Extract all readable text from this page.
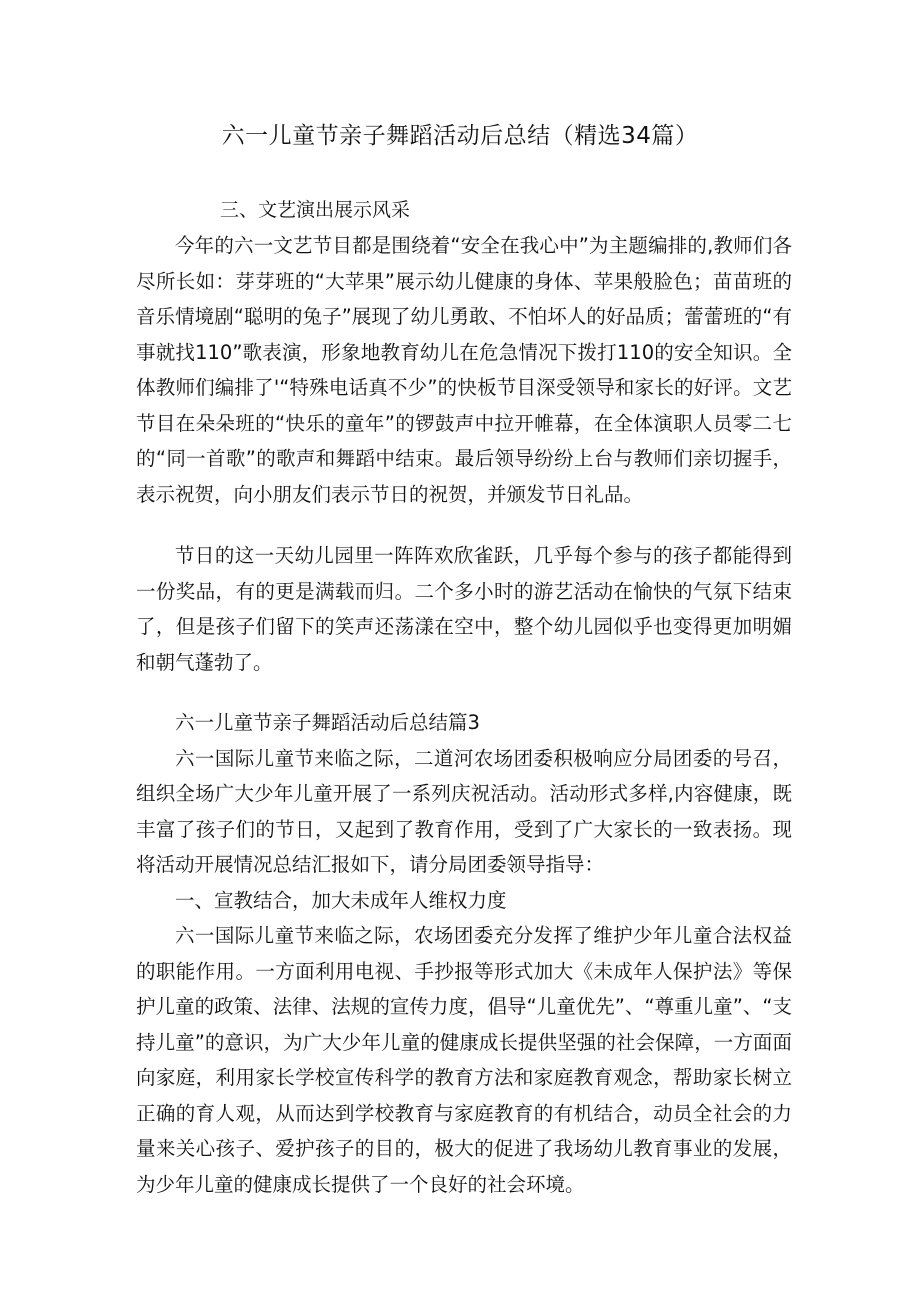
六一儿童节亲子舞蹈活动后总结（精选34篇）
三、文艺演出展示风采

今年的六一文艺节目都是围绕着“安全在我心中”为主题编排的,教师们各尽所长如：芽芽班的“大苹果”展示幼儿健康的身体、苹果般脸色；苗苗班的音乐情境剧“聪明的兔子”展现了幼儿勇敢、不怕坏人的好品质；蕾蕾班的“有事就找110”歌表演，形象地教育幼儿在危急情况下拨打110的安全知识。全体教师们编排了'“特殊电话真不少”的快板节目深受领导和家长的好评。文艺节目在朵朵班的“快乐的童年”的锣鼓声中拉开帷幕，在全体演职人员零二七的“同一首歌”的歌声和舞蹈中结束。最后领导纷纷上台与教师们亲切握手，表示祝贺，向小朋友们表示节日的祝贺，并颁发节日礼品。

节日的这一天幼儿园里一阵阵欢欣雀跃，几乎每个参与的孩子都能得到一份奖品，有的更是满载而归。二个多小时的游艺活动在愉快的气氛下结束了，但是孩子们留下的笑声还荡漾在空中，整个幼儿园似乎也变得更加明媚和朝气蓬勃了。

六一儿童节亲子舞蹈活动后总结篇3

六一国际儿童节来临之际，二道河农场团委积极响应分局团委的号召，组织全场广大少年儿童开展了一系列庆祝活动。活动形式多样,内容健康，既丰富了孩子们的节日，又起到了教育作用，受到了广大家长的一致表扬。现将活动开展情况总结汇报如下，请分局团委领导指导：

一、宣教结合，加大未成年人维权力度

六一国际儿童节来临之际，农场团委充分发挥了维护少年儿童合法权益的职能作用。一方面利用电视、手抄报等形式加大《未成年人保护法》等保护儿童的政策、法律、法规的宣传力度，倡导“儿童优先”、“尊重儿童”、“支持儿童”的意识，为广大少年儿童的健康成长提供坚强的社会保障，一方面面向家庭，利用家长学校宣传科学的教育方法和家庭教育观念，帮助家长树立正确的育人观，从而达到学校教育与家庭教育的有机结合，动员全社会的力量来关心孩子、爱护孩子的目的，极大的促进了我场幼儿教育事业的发展，为少年儿童的健康成长提供了一个良好的社会环境。
